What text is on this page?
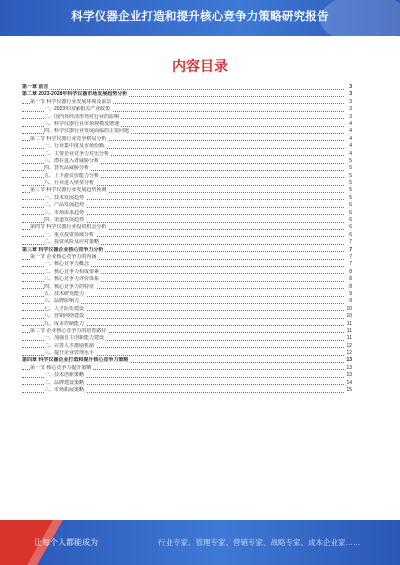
科学仪器企业打造和提升核心竞争力策略研究报告
内容目录
第一章 前言	3
第二章 2023-2028年科学仪器市场发展趋势分析	3
第一节 科学仪器行业发展环境及前景	3
一、2023年国家相关产业政策	3
二、国内外经济形势对行业的影响	3
三、科学仪器行业市场规模及增速	4
四、科学仪器行业发展面临的主要问题	4
第二节 科学仪器行业竞争格局分析	4
一、行业集中度及市场份额	4
二、主要企业竞争力对比分析	4
三、潜在进入者威胁分析	5
四、替代品威胁分析	5
五、上下游议价能力分析	5
六、行业进入壁垒分析	5
第三节 科学仪器行业发展趋势预测	5
一、技术发展趋势	5
二、产品发展趋势	6
三、市场需求趋势	6
四、渠道发展趋势	6
第四节 科学仪器行业投资机会分析	6
一、重点投资领域分析	6
二、投资风险及应对策略	7
第三章 科学仪器企业核心竞争力分析	7
第一节 企业核心竞争力的内涵	7
一、核心竞争力概念	7
二、核心竞争力构成要素	8
三、核心竞争力评价体系	8
四、核心竞争力的特征	8
五、技术研发能力	9
六、品牌影响力	9
七、人才队伍建设	10
八、营销网络建设	10
九、成本控制能力	11
第二节 企业核心竞争力的培育路径	11
一、加强自主创新能力建设	11
二、完善人才激励机制	12
三、提升企业管理水平	12
第四章 科学仪器企业打造和提升核心竞争力策略	13
第一节 核心竞争力提升策略	13
一、技术创新策略	13
二、品牌建设策略	14
三、市场拓展策略	15
让每个人都能成为	行业专家、管理专家、营销专家、战略专家、成本企业家……
